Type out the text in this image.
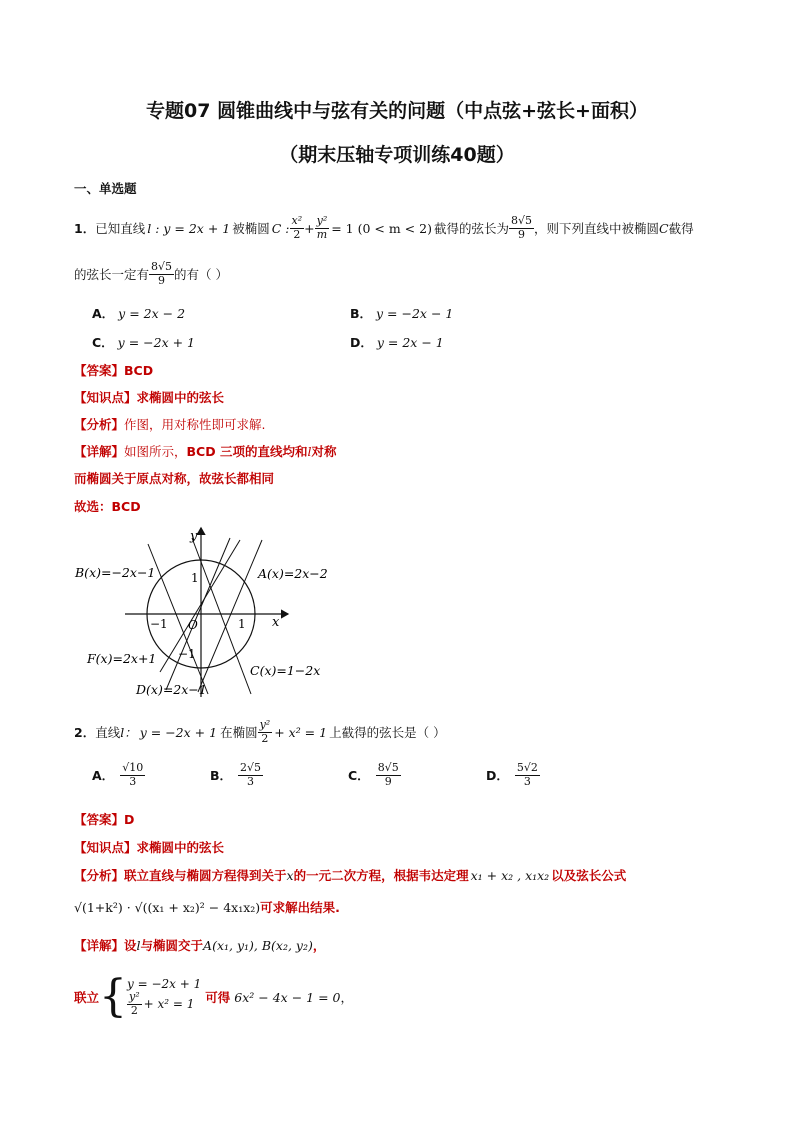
专题07 圆锥曲线中与弦有关的问题（中点弦+弦长+面积）
（期末压轴专项训练40题）
一、单选题
1． 已知直线 l : y = 2x + 1 被椭圆 C : $\frac{\text{x²}}{2} + \frac{\text{y²}}{m} = 1$ (0 < m < 2) 截得的弦长为 $\frac{8√5}{9}$ ，则下列直线中被椭圆 C 截得
的弦长一定有 $\frac{8√5}{9}$ 的有（ ）
A． y = 2x − 2	B． y = −2x − 1
C． y = −2x + 1	D． y = 2x − 1
【答案】BCD
【知识点】求椭圆中的弦长
【分析】作图，用对称性即可求解.
【详解】如图所示，BCD 三项的直线均和l对称
而椭圆关于原点对称，故弦长都相同
故选：BCD
y
x
O
1
−1	1
−1
A(x)=2x−2
B(x)=−2x−1
C(x)=1−2x
D(x)=2x−1
F(x)=2x+1
2． 直线 l： y = −2x + 1 在椭圆 $\frac{\text{y²}}{2} + x^2 = 1$ 上截得的弦长是（ ）
A． $\frac{√10}{3}$	B． $\frac{2√5}{3}$	C． $\frac{8√5}{9}$	D． $\frac{5√2}{3}$
【答案】D
【知识点】求椭圆中的弦长
【分析】联立直线与椭圆方程得到关于x的一元二次方程，根据韦达定理 x₁ + x₂ , x₁x₂ 以及弦长公式
√(1+k²) · √((x₁ + x₂)² − 4x₁x₂)可求解出结果.
【详解】设l与椭圆交于A(x₁, y₁), B(x₂, y₂)，
联立 { y = −2x + 1
$\frac{\text{y²}}{2} + x^2 = 1$ 可得 6x² − 4x − 1 = 0 ，
